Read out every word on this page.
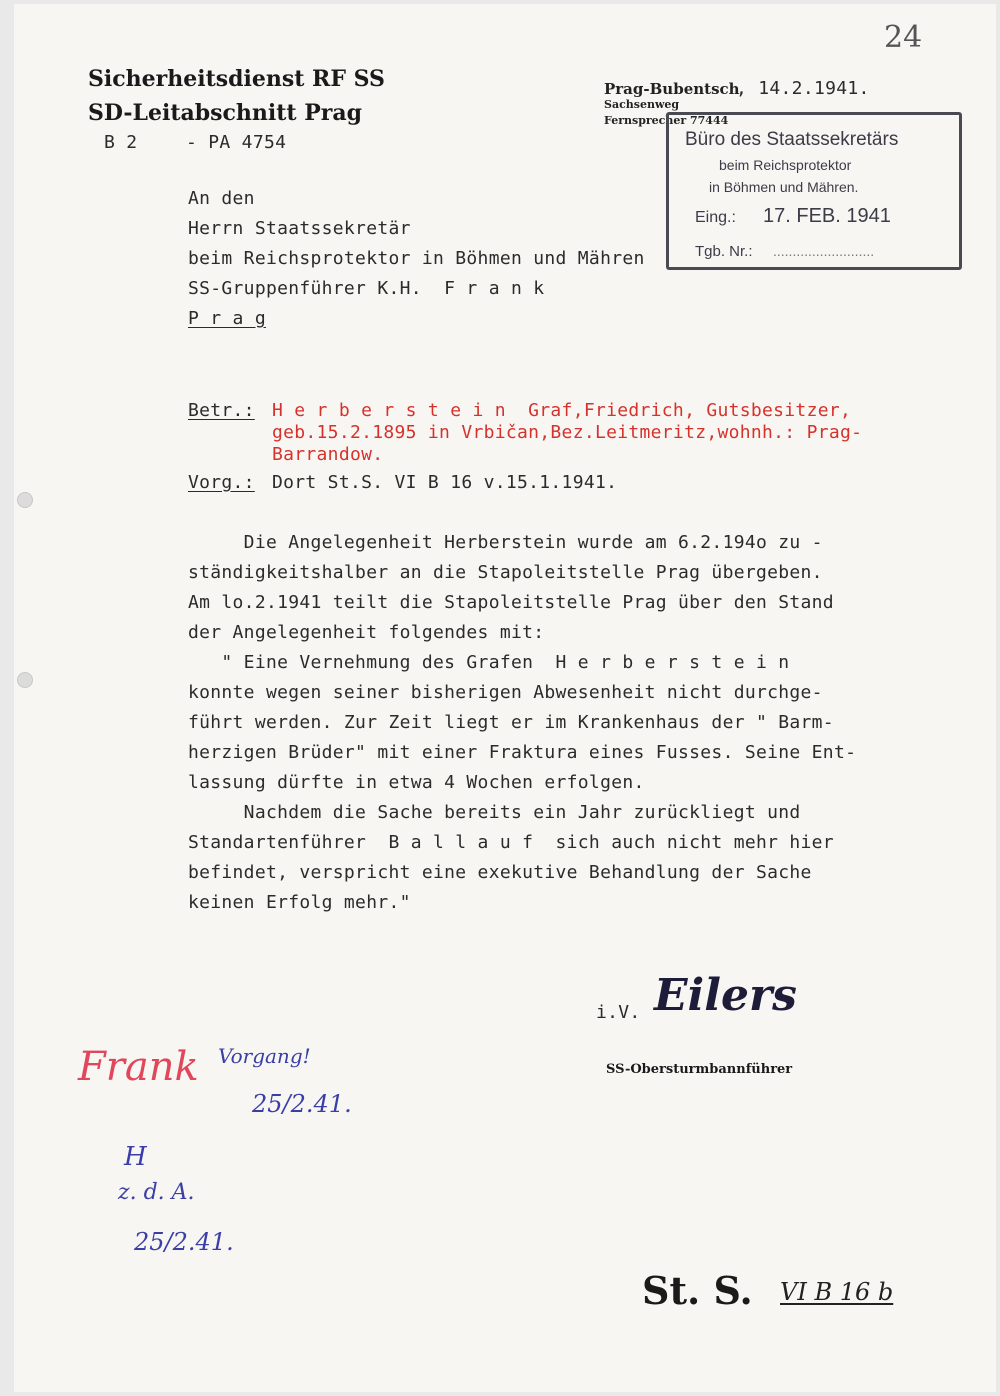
24
Sicherheitsdienst RF SS
SD-Leitabschnitt Prag
B 2	- PA 4754
Prag-Bubentsch
, 14.2.1941.
Sachsenweg
Fernsprecher 77444
Büro des Staatssekretärs
beim Reichsprotektor
in Böhmen und Mähren.
Eing.: 17. FEB. 1941
Tgb. Nr.: ..........................
An den
Herrn Staatssekretär
beim Reichsprotektor in Böhmen und Mähren
SS-Gruppenführer K.H.  F r a n k
P r a g
Betr.: H e r b e r s t e i n  Graf,Friedrich, Gutsbesitzer,
geb.15.2.1895 in Vrbičan,Bez.Leitmeritz,wohnh.: Prag-
Barrandow.
Vorg.: Dort St.S. VI B 16 v.15.1.1941.
Die Angelegenheit Herberstein wurde am 6.2.194o zu -
ständigkeitshalber an die Stapoleitstelle Prag übergeben.
Am lo.2.1941 teilt die Stapoleitstelle Prag über den Stand
der Angelegenheit folgendes mit:
" Eine Vernehmung des Grafen  H e r b e r s t e i n
konnte wegen seiner bisherigen Abwesenheit nicht durchge-
führt werden. Zur Zeit liegt er im Krankenhaus der " Barm-
herzigen Brüder" mit einer Fraktura eines Fusses. Seine Ent-
lassung dürfte in etwa 4 Wochen erfolgen.
Nachdem die Sache bereits ein Jahr zurückliegt und
Standartenführer  B a l l a u f  sich auch nicht mehr hier
befindet, verspricht eine exekutive Behandlung der Sache
keinen Erfolg mehr."
i.V. Eilers
SS-Obersturmbannführer
Frank Vorgang!
25/2.41.
H
z. d. A.
25/2.41.
St. S. VI B 16 b
